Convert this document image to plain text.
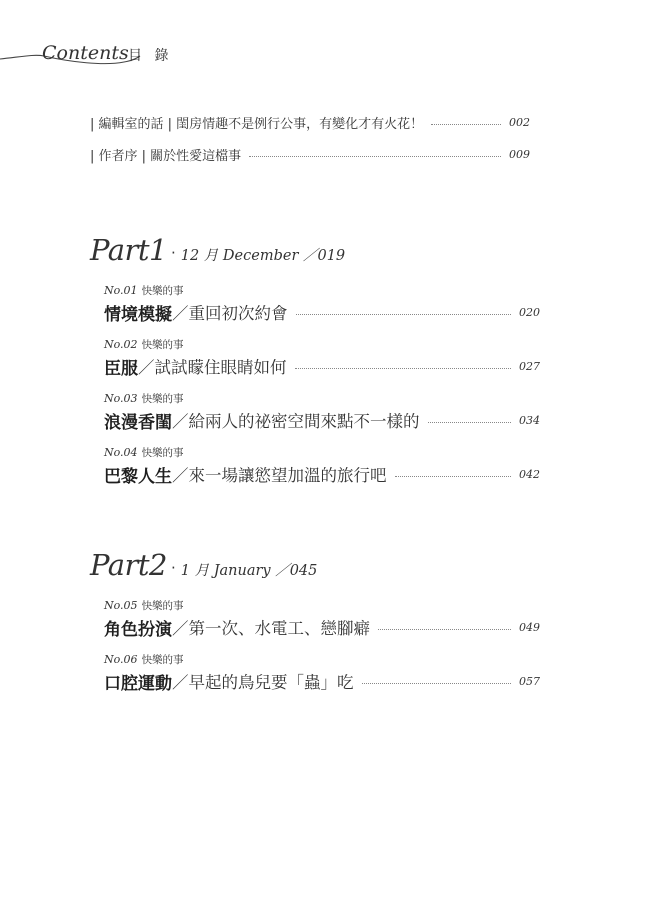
Contents 目 錄
| 編輯室的話 | 閨房情趣不是例行公事，有變化才有火花！	002
| 作者序 | 關於性愛這檔事	009
Part1 · 12 月 December ／019
No.01 快樂的事
情境模擬 ／重回初次約會	020
No.02 快樂的事
臣服 ／試試矇住眼睛如何	027
No.03 快樂的事
浪漫香閨 ／給兩人的祕密空間來點不一樣的	034
No.04 快樂的事
巴黎人生 ／來一場讓慾望加溫的旅行吧	042
Part2 · 1 月 January ／045
No.05 快樂的事
角色扮演 ／第一次、水電工、戀腳癖	049
No.06 快樂的事
口腔運動 ／早起的鳥兒要「蟲」吃	057
